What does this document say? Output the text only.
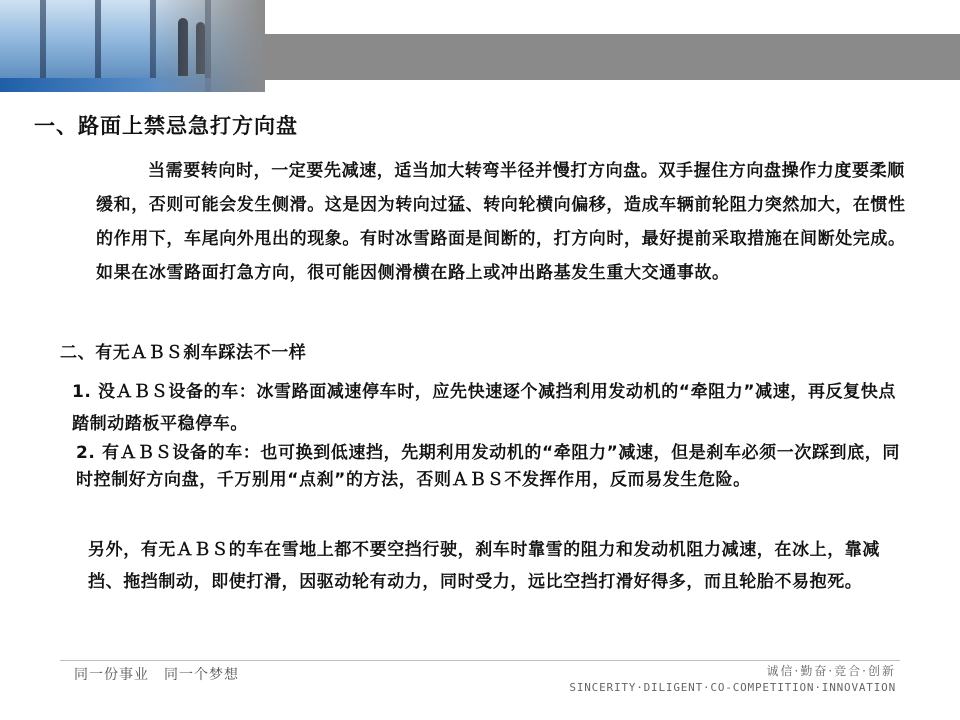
一、路面上禁忌急打方向盘
当需要转向时，一定要先减速，适当加大转弯半径并慢打方向盘。双手握住方向盘操作力度要柔顺缓和，否则可能会发生侧滑。这是因为转向过猛、转向轮横向偏移，造成车辆前轮阻力突然加大，在惯性的作用下，车尾向外甩出的现象。有时冰雪路面是间断的，打方向时，最好提前采取措施在间断处完成。如果在冰雪路面打急方向，很可能因侧滑横在路上或冲出路基发生重大交通事故。
二、有无ＡＢＳ刹车踩法不一样
1. 没ＡＢＳ设备的车：冰雪路面减速停车时，应先快速逐个减挡利用发动机的“牵阻力”减速，再反复快点踏制动踏板平稳停车。
2. 有ＡＢＳ设备的车：也可换到低速挡，先期利用发动机的“牵阻力”减速，但是刹车必须一次踩到底，同时控制好方向盘，千万别用“点刹”的方法，否则ＡＢＳ不发挥作用，反而易发生危险。
另外，有无ＡＢＳ的车在雪地上都不要空挡行驶，刹车时靠雪的阻力和发动机阻力减速，在冰上，靠减挡、拖挡制动，即使打滑，因驱动轮有动力，同时受力，远比空挡打滑好得多，而且轮胎不易抱死。
同一份事业　同一个梦想	诚信·勤奋·竞合·创新
SINCERITY·DILIGENT·CO-COMPETITION·INNOVATION
